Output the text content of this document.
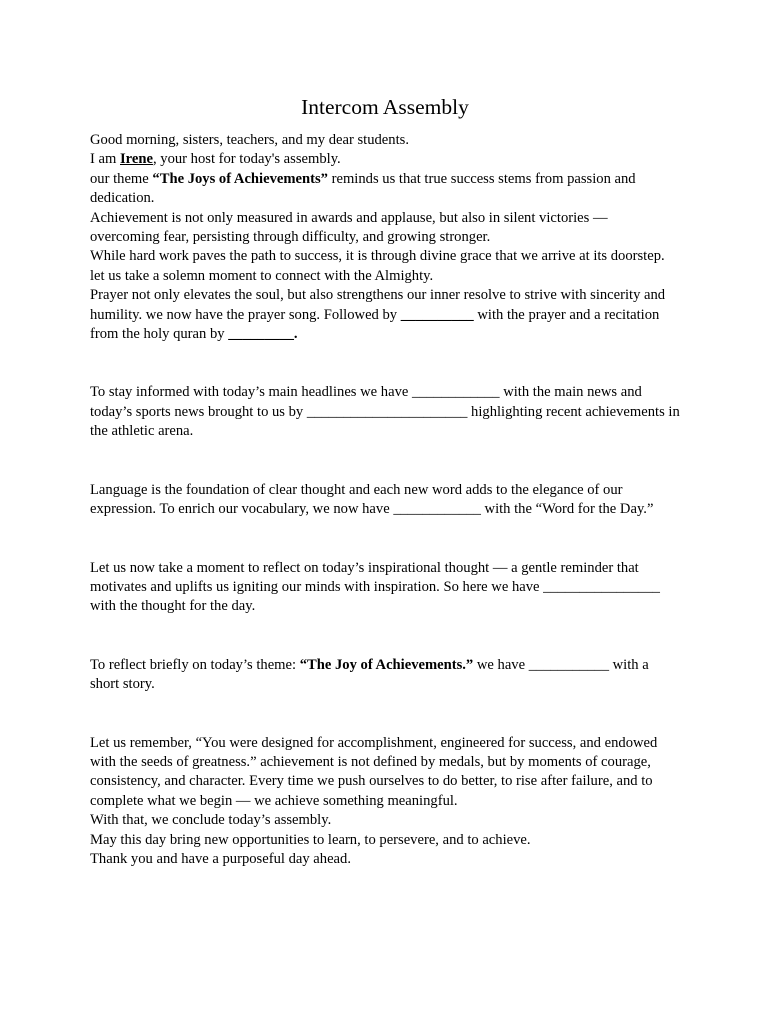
Intercom Assembly

Good morning, sisters, teachers, and my dear students.

I am Irene, your host for today's assembly.

our theme “The Joys of Achievements” reminds us that true success stems from passion and dedication.

Achievement is not only measured in awards and applause, but also in silent victories — overcoming fear, persisting through difficulty, and growing stronger.

While hard work paves the path to success, it is through divine grace that we arrive at its doorstep.

let us take a solemn moment to connect with the Almighty.

Prayer not only elevates the soul, but also strengthens our inner resolve to strive with sincerity and humility. we now have the prayer song. Followed by __________ with the prayer and a recitation from the holy quran by _________.

To stay informed with today’s main headlines we have ____________ with the main news and today’s sports news brought to us by ______________________ highlighting recent achievements in the athletic arena.

Language is the foundation of clear thought and each new word adds to the elegance of our expression. To enrich our vocabulary, we now have ____________ with the “Word for the Day.”

Let us now take a moment to reflect on today’s inspirational thought — a gentle reminder that motivates and uplifts us igniting our minds with inspiration. So here we have ________________ with the thought for the day.

To reflect briefly on today’s theme: “The Joy of Achievements.” we have ___________ with a short story.

Let us remember, “You were designed for accomplishment, engineered for success, and endowed with the seeds of greatness.” achievement is not defined by medals, but by moments of courage, consistency, and character. Every time we push ourselves to do better, to rise after failure, and to complete what we begin — we achieve something meaningful.

With that, we conclude today’s assembly.

May this day bring new opportunities to learn, to persevere, and to achieve.

Thank you and have a purposeful day ahead.
